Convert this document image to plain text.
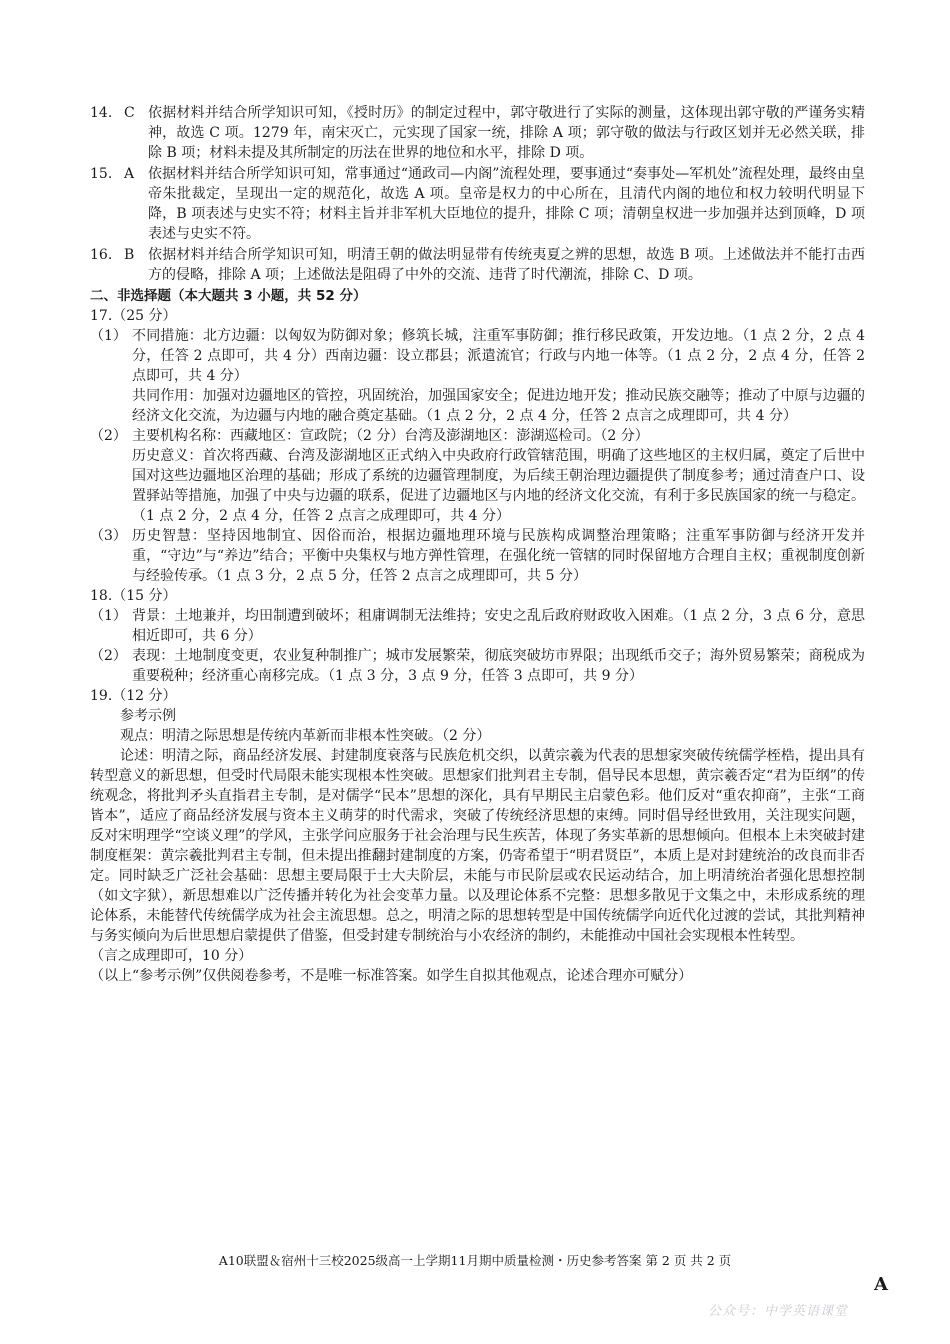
14. C 依据材料并结合所学知识可知，《授时历》的制定过程中，郭守敬进行了实际的测量，这体现出郭守敬的严谨务实精神，故选 C 项。1279 年，南宋灭亡，元实现了国家一统，排除 A 项；郭守敬的做法与行政区划并无必然关联，排除 B 项；材料未提及其所制定的历法在世界的地位和水平，排除 D 项。
15. A 依据材料并结合所学知识可知，常事通过“通政司—内阁”流程处理，要事通过“奏事处—军机处”流程处理，最终由皇帝朱批裁定，呈现出一定的规范化，故选 A 项。皇帝是权力的中心所在，且清代内阁的地位和权力较明代明显下降，B 项表述与史实不符；材料主旨并非军机大臣地位的提升，排除 C 项；清朝皇权进一步加强并达到顶峰，D 项表述与史实不符。
16. B 依据材料并结合所学知识可知，明清王朝的做法明显带有传统夷夏之辨的思想，故选 B 项。上述做法并不能打击西方的侵略，排除 A 项；上述做法是阻碍了中外的交流、违背了时代潮流，排除 C、D 项。
二、非选择题（本大题共 3 小题，共 52 分）
17.（25 分）
（1） 不同措施：北方边疆：以匈奴为防御对象；修筑长城，注重军事防御；推行移民政策，开发边地。（1 点 2 分，2 点 4 分，任答 2 点即可，共 4 分）西南边疆：设立郡县；派遣流官；行政与内地一体等。（1 点 2 分，2 点 4 分，任答 2 点即可，共 4 分）
共同作用：加强对边疆地区的管控，巩固统治，加强国家安全；促进边地开发；推动民族交融等；推动了中原与边疆的经济文化交流，为边疆与内地的融合奠定基础。（1 点 2 分，2 点 4 分，任答 2 点言之成理即可，共 4 分）
（2） 主要机构名称：西藏地区：宣政院；（2 分）台湾及澎湖地区：澎湖巡检司。（2 分）
历史意义：首次将西藏、台湾及澎湖地区正式纳入中央政府行政管辖范围，明确了这些地区的主权归属，奠定了后世中国对这些边疆地区治理的基础；形成了系统的边疆管理制度，为后续王朝治理边疆提供了制度参考；通过清查户口、设置驿站等措施，加强了中央与边疆的联系，促进了边疆地区与内地的经济文化交流，有利于多民族国家的统一与稳定。（1 点 2 分，2 点 4 分，任答 2 点言之成理即可，共 4 分）
（3） 历史智慧：坚持因地制宜、因俗而治，根据边疆地理环境与民族构成调整治理策略；注重军事防御与经济开发并重，“守边”与“养边”结合；平衡中央集权与地方弹性管理，在强化统一管辖的同时保留地方合理自主权；重视制度创新与经验传承。（1 点 3 分，2 点 5 分，任答 2 点言之成理即可，共 5 分）
18.（15 分）
（1） 背景：土地兼并，均田制遭到破坏；租庸调制无法维持；安史之乱后政府财政收入困难。（1 点 2 分，3 点 6 分，意思相近即可，共 6 分）
（2） 表现：土地制度变更，农业复种制推广；城市发展繁荣，彻底突破坊市界限；出现纸币交子；海外贸易繁荣；商税成为重要税种；经济重心南移完成。（1 点 3 分，3 点 9 分，任答 3 点即可，共 9 分）
19.（12 分）
参考示例
观点：明清之际思想是传统内革新而非根本性突破。（2 分）
论述：明清之际，商品经济发展、封建制度衰落与民族危机交织，以黄宗羲为代表的思想家突破传统儒学桎梏，提出具有转型意义的新思想，但受时代局限未能实现根本性突破。思想家们批判君主专制，倡导民本思想，黄宗羲否定“君为臣纲”的传统观念，将批判矛头直指君主专制，是对儒学“民本”思想的深化，具有早期民主启蒙色彩。他们反对“重农抑商”，主张“工商皆本”，适应了商品经济发展与资本主义萌芽的时代需求，突破了传统经济思想的束缚。同时倡导经世致用，关注现实问题，反对宋明理学“空谈义理”的学风，主张学问应服务于社会治理与民生疾苦，体现了务实革新的思想倾向。但根本上未突破封建制度框架：黄宗羲批判君主专制，但未提出推翻封建制度的方案，仍寄希望于“明君贤臣”，本质上是对封建统治的改良而非否定。同时缺乏广泛社会基础：思想主要局限于士大夫阶层，未能与市民阶层或农民运动结合，加上明清统治者强化思想控制（如文字狱），新思想难以广泛传播并转化为社会变革力量。以及理论体系不完整：思想多散见于文集之中，未形成系统的理论体系，未能替代传统儒学成为社会主流思想。总之，明清之际的思想转型是中国传统儒学向近代化过渡的尝试，其批判精神与务实倾向为后世思想启蒙提供了借鉴，但受封建专制统治与小农经济的制约，未能推动中国社会实现根本性转型。
（言之成理即可，10 分）
（以上“参考示例”仅供阅卷参考，不是唯一标准答案。如学生自拟其他观点，论述合理亦可赋分）
A10联盟＆宿州十三校2025级高一上学期11月期中质量检测・历史参考答案 第 2 页 共 2 页
A
公众号：中学英语课堂
